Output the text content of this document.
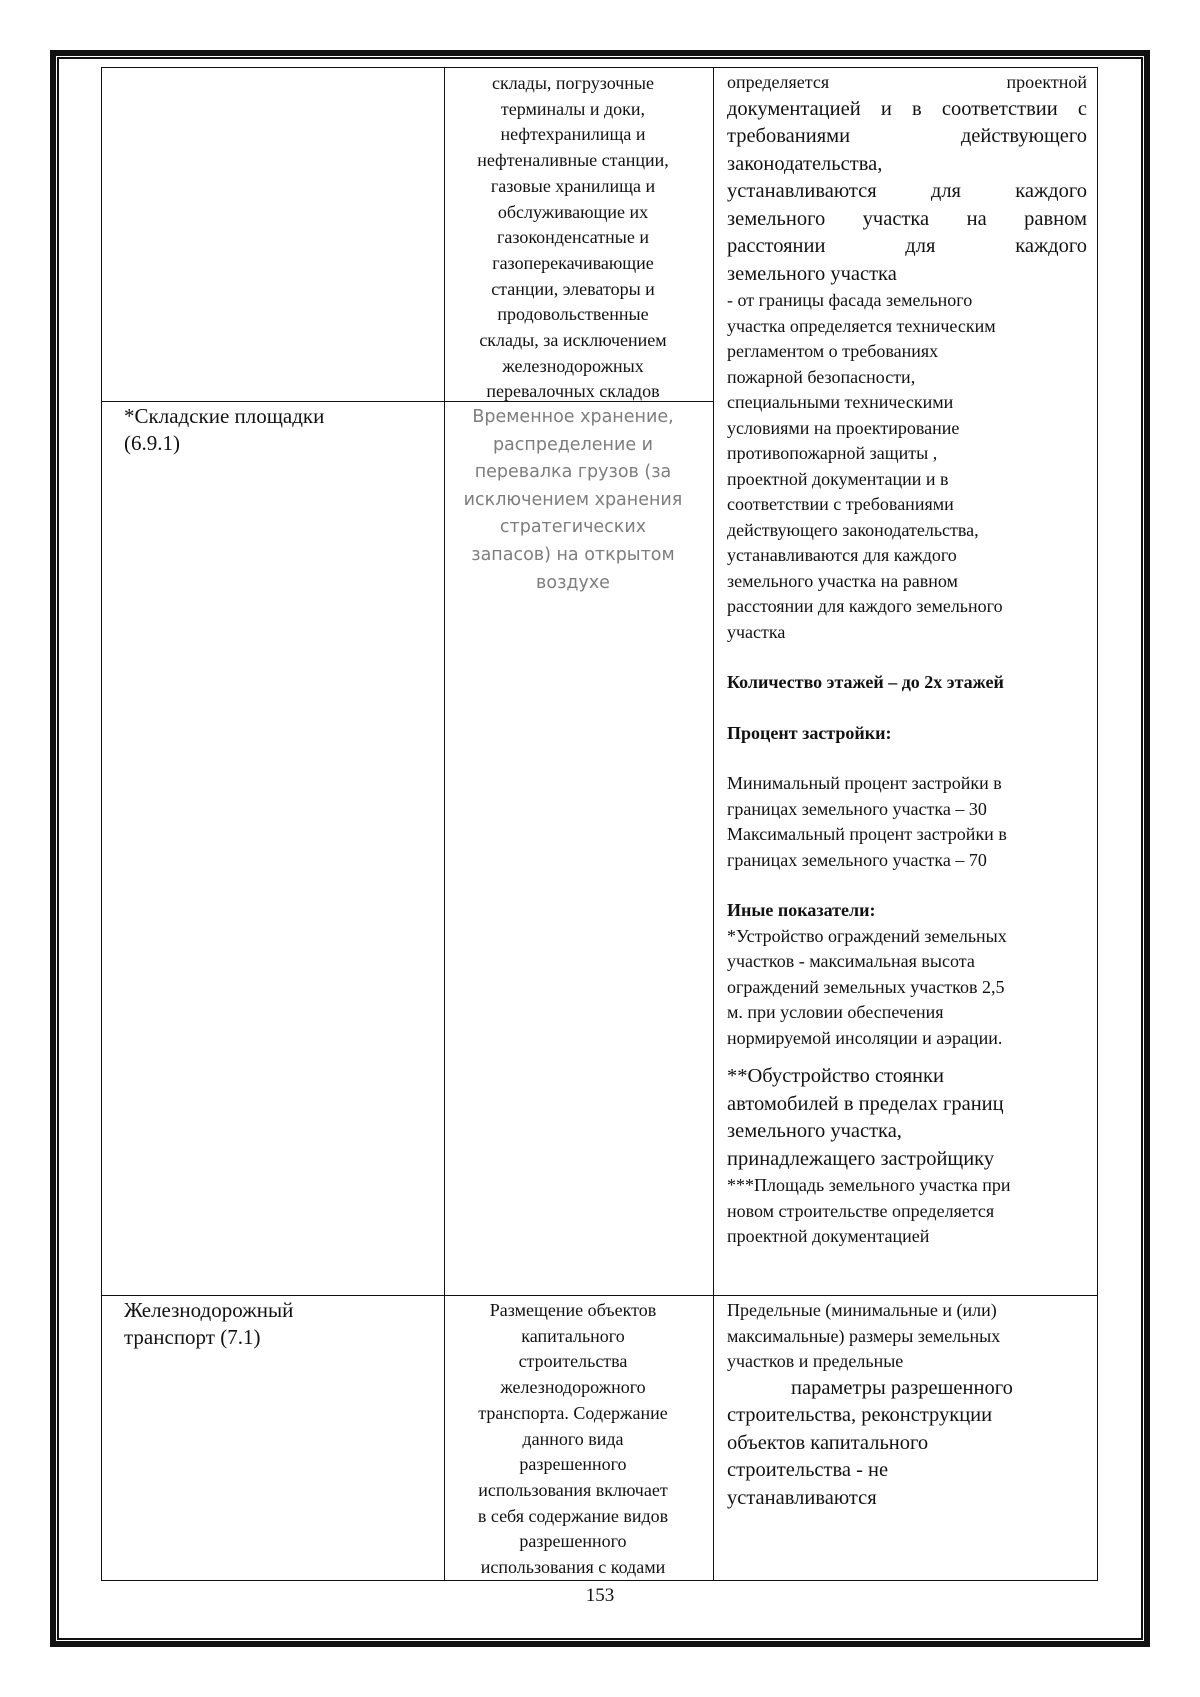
склады, погрузочные
терминалы и доки,
нефтехранилища и
нефтеналивные станции,
газовые хранилища и
обслуживающие их
газоконденсатные и
газоперекачивающие
станции, элеваторы и
продовольственные
склады, за исключением
железнодорожных
перевалочных складов
*Складские площадки
(6.9.1)
Временное хранение,
распределение и
перевалка грузов (за
исключением хранения
стратегических
запасов) на открытом
воздухе

определяется проектной

документацией и в соответствии с

требованиями действующего

законодательства,

устанавливаются для каждого

земельного участка на равном

расстоянии для каждого

земельного участка

- от границы фасада земельного

участка определяется техническим

регламентом о требованиях

пожарной безопасности,

специальными техническими

условиями на проектирование

противопожарной защиты ,

проектной документации и в

соответствии с требованиями

действующего законодательства,

устанавливаются для каждого

земельного участка на равном

расстоянии для каждого земельного

участка

Количество этажей – до 2х этажей

Процент застройки:

Минимальный процент застройки в

границах земельного участка – 30

Максимальный процент застройки в

границах земельного участка – 70

Иные показатели:

*Устройство ограждений земельных

участков - максимальная высота

ограждений земельных участков 2,5

м. при условии обеспечения

нормируемой инсоляции и аэрации.

**Обустройство стоянки

автомобилей в пределах границ

земельного участка,

принадлежащего застройщику

***Площадь земельного участка при

новом строительстве определяется

проектной документацией

Железнодорожный
транспорт (7.1)
Размещение объектов
капитального
строительства
железнодорожного
транспорта. Содержание
данного вида
разрешенного
использования включает
в себя содержание видов
разрешенного
использования с кодами

Предельные (минимальные и (или)

максимальные) размеры земельных

участков и предельные

параметры разрешенного

строительства, реконструкции

объектов капитального

строительства - не

устанавливаются

153
